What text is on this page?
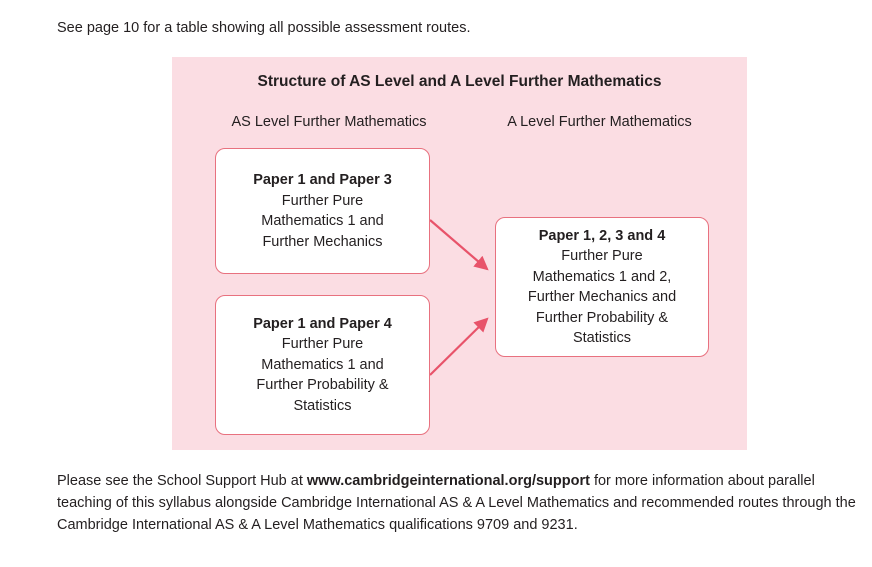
See page 10 for a table showing all possible assessment routes.
Structure of AS Level and A Level Further Mathematics
AS Level Further Mathematics	A Level Further Mathematics
Paper 1 and Paper 3
Further Pure
Mathematics 1 and
Further Mechanics
Paper 1 and Paper 4
Further Pure
Mathematics 1 and
Further Probability &
Statistics
Paper 1, 2, 3 and 4
Further Pure
Mathematics 1 and 2,
Further Mechanics and
Further Probability &
Statistics
Please see the School Support Hub at www.cambridgeinternational.org/support for more information about parallel teaching of this syllabus alongside Cambridge International AS & A Level Mathematics and recommended routes through the Cambridge International AS & A Level Mathematics qualifications 9709 and 9231.
